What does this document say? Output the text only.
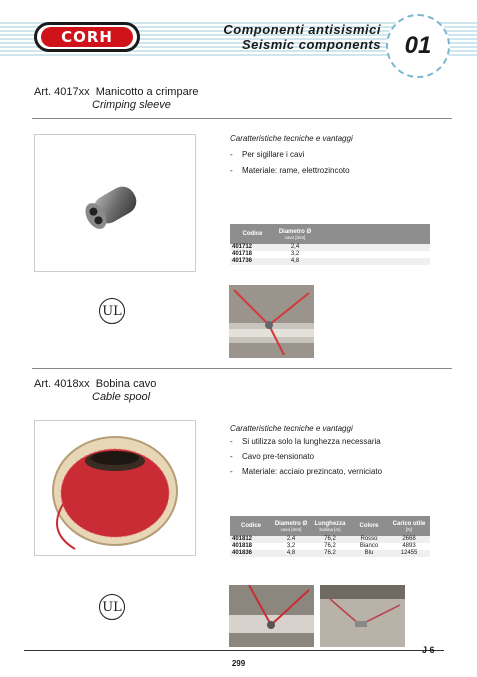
CORH	Componenti antisismici
Seismic components 01
Art. 4017xx Manicotto a crimpare
Crimping sleeve
Caratteristiche tecniche e vantaggi
- Per sigillare i cavi
- Materiale: rame, elettrozincoto
Codice	Diametro Ø
cavo [mm]	

401712	2,4	
401718	3,2	
401736	4,8	

UL
Art. 4018xx Bobina cavo
Cable spool
Caratteristiche tecniche e vantaggi
- Si utilizza solo la lunghezza necessaria
- Cavo pre-tensionato
- Materiale: acciaio prezincato, verniciato
Codice	Diametro Ø
cavo [mm]	Lunghezza
bobina [m]	Colore	Carico utile
[N]

401812	2,4	76,2	Rosso	2668
401818	3,2	76,2	Bianco	4893
401836	4,8	76,2	Blu	12455

UL
J 6
299
